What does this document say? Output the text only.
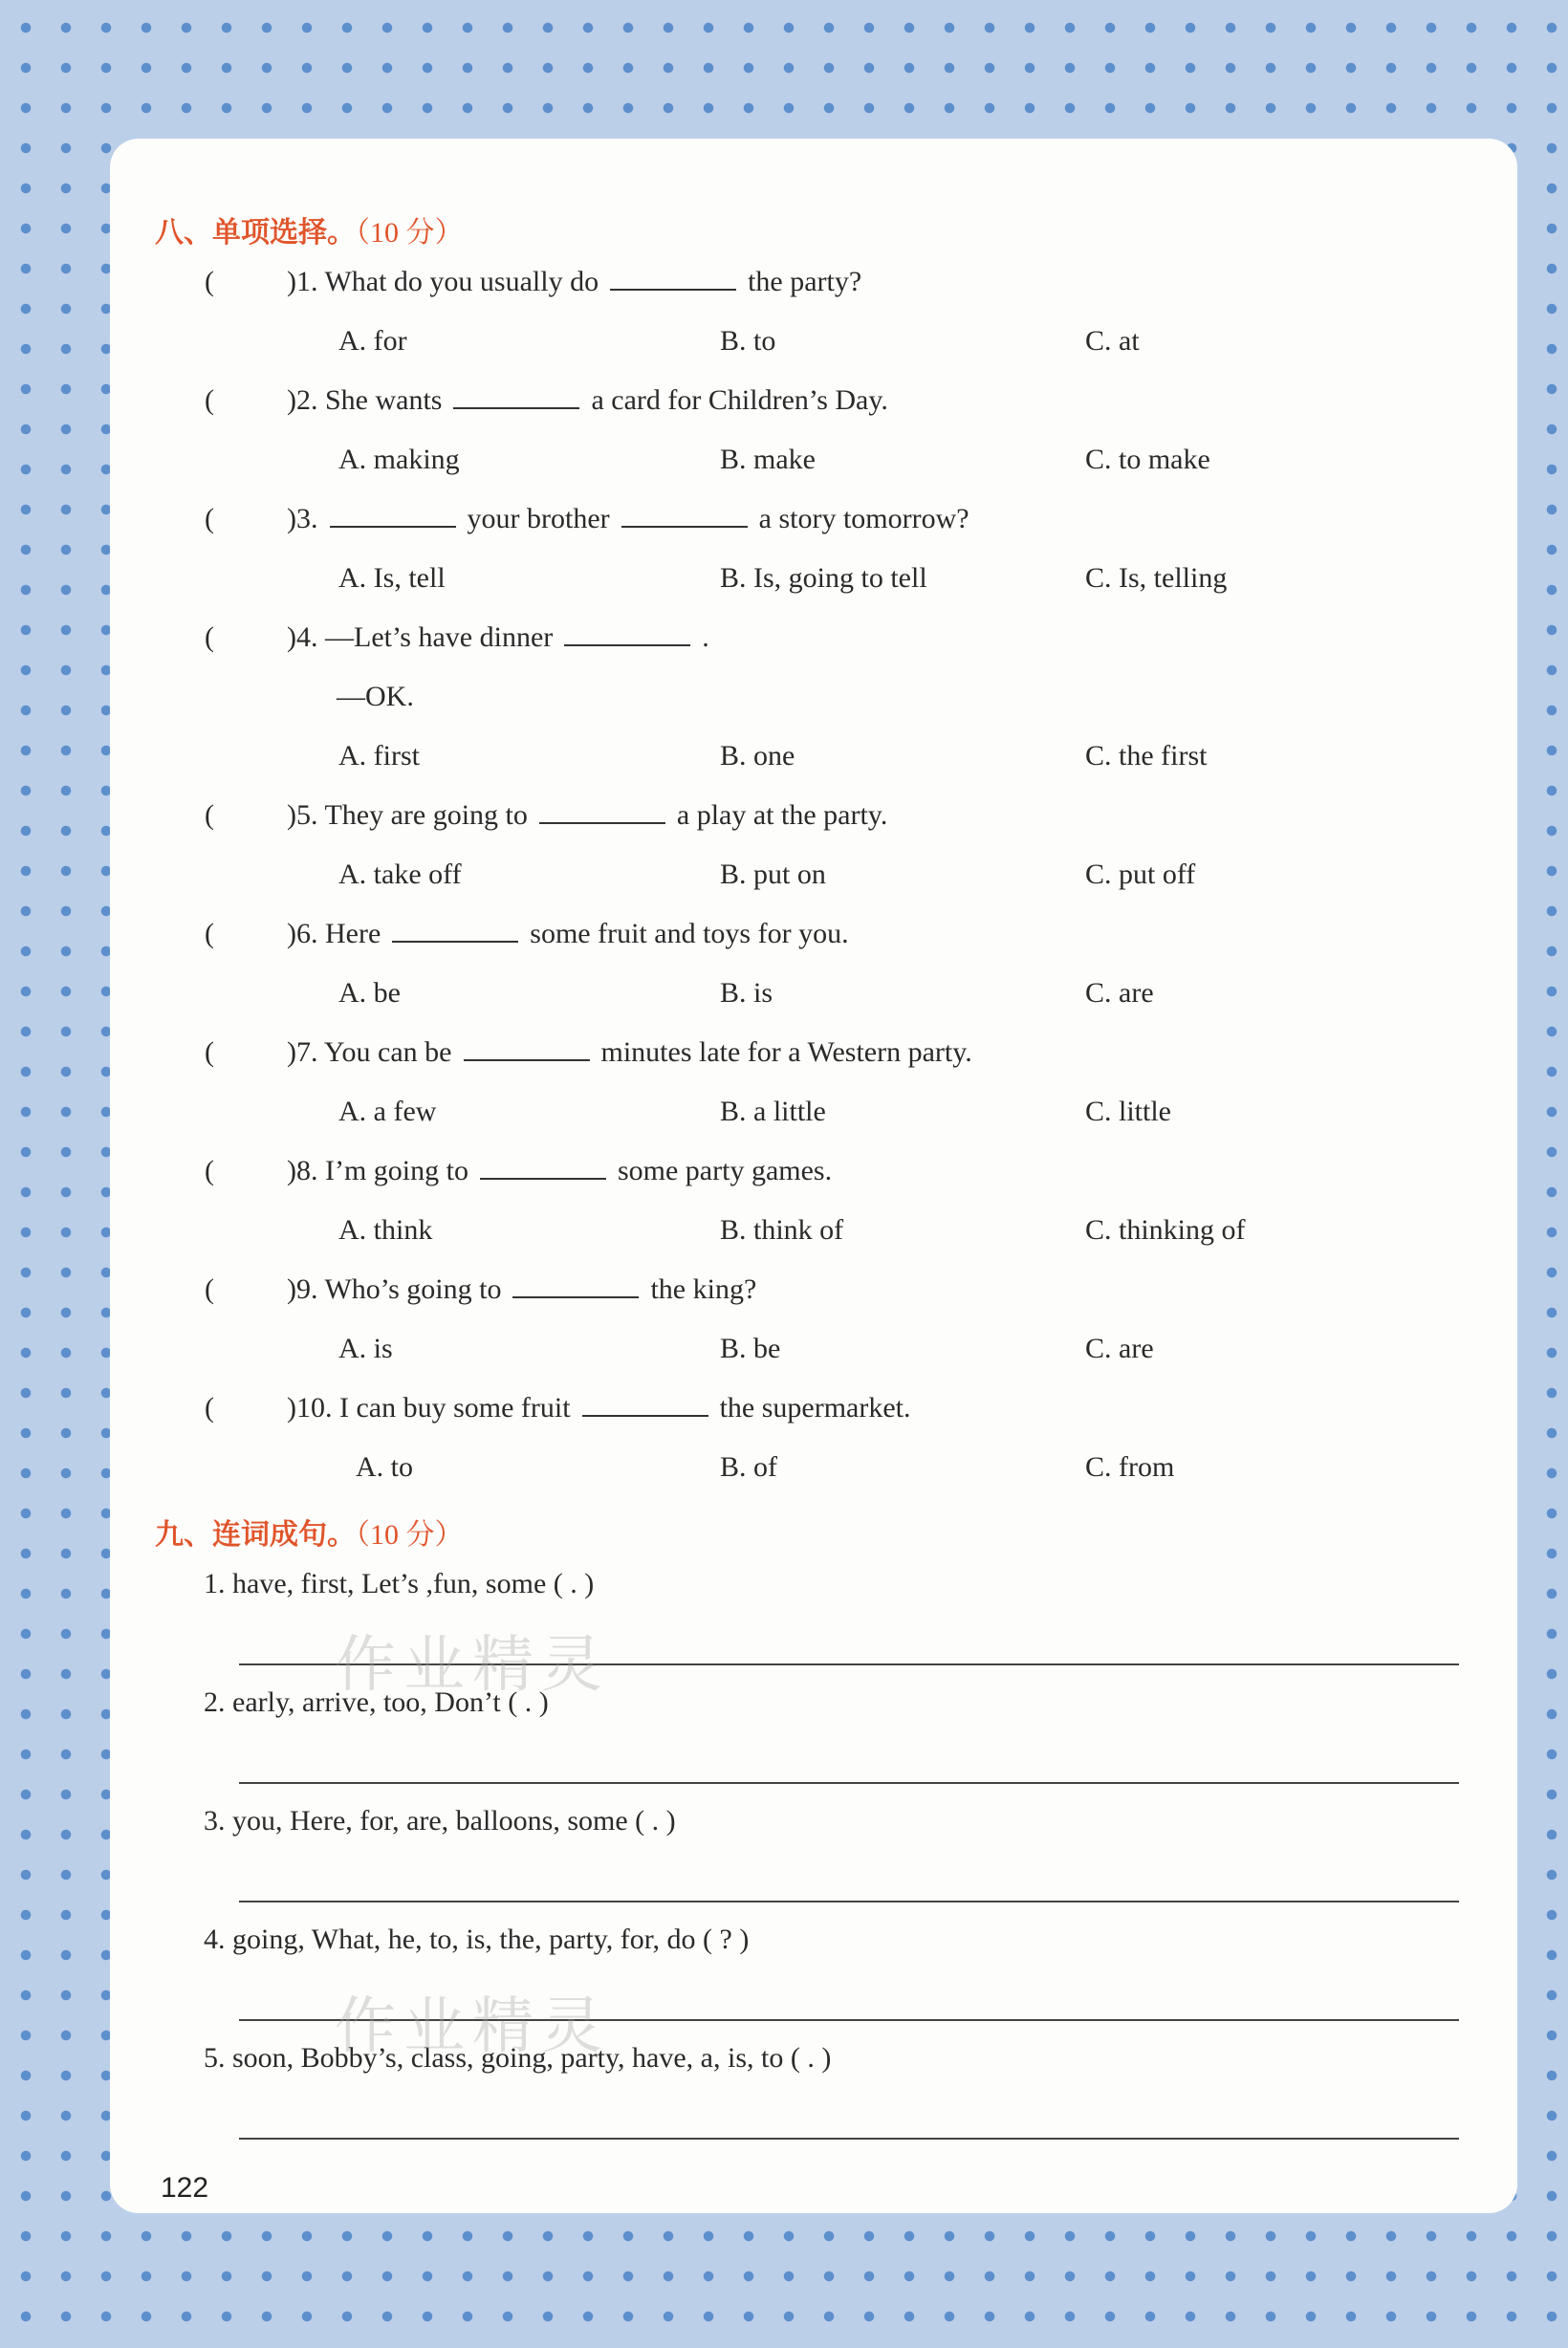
八、单项选择。（10 分）
(	)1. What do you usually do	the party?
A. for	B. to	C. at
(	)2. She wants	a card for Children’s Day.
A. making	B. make	C. to make
(	)3.	your brother	a story tomorrow?
A. Is, tell	B. Is, going to tell	C. Is, telling
(	)4. —Let’s have dinner	.
—OK.
A. first	B. one	C. the first
(	)5. They are going to	a play at the party.
A. take off	B. put on	C. put off
(	)6. Here	some fruit and toys for you.
A. be	B. is	C. are
(	)7. You can be	minutes late for a Western party.
A. a few	B. a little	C. little
(	)8. I’m going to	some party games.
A. think	B. think of	C. thinking of
(	)9. Who’s going to	the king?
A. is	B. be	C. are
(	)10. I can buy some fruit	the supermarket.
A. to	B. of	C. from
九、连词成句。（10 分）
1. have, first, Let’s ,fun, some ( . )
2. early, arrive, too, Don’t ( . )
3. you, Here, for, are, balloons, some ( . )
4. going, What, he, to, is, the, party, for, do ( ? )
5. soon, Bobby’s, class, going, party, have, a, is, to ( . )
作业精灵
作业精灵
122
